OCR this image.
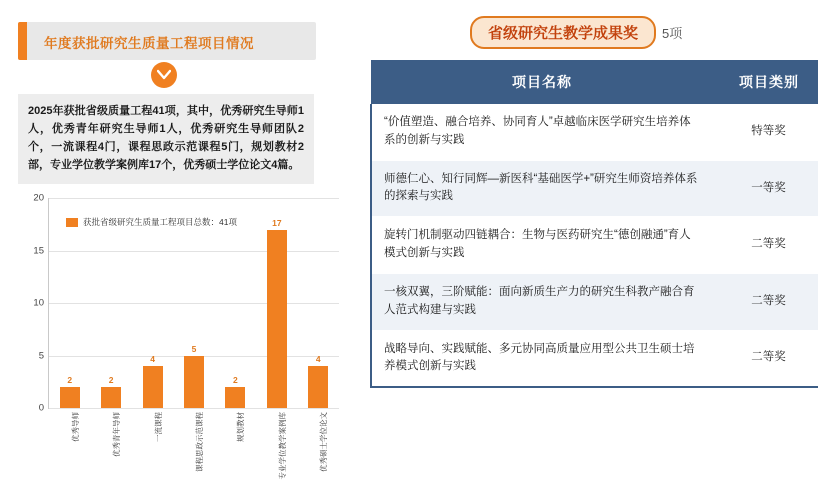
年度获批研究生质量工程项目情况
2025年获批省级质量工程41项，其中，优秀研究生导师1人，优秀青年研究生导师1人，优秀研究生导师团队2个，一流课程4门，课程思政示范课程5门，规划教材2部，专业学位教学案例库17个，优秀硕士学位论文4篇。
0
5
10
15
20
2
优秀导师
2
优秀青年导师
4
一流课程
5
课程思政示范课程
2
规划教材
17
专业学位教学案例库
4
优秀硕士学位论文
获批省级研究生质量工程项目总数：41项
省级研究生教学成果奖	5项
项目名称	项目类别
“价值塑造、融合培养、协同育人”卓越临床医学研究生培养体系的创新与实践	特等奖
师德仁心、知行同辉—新医科“基础医学+”研究生师资培养体系的探索与实践	一等奖
旋转门机制驱动四链耦合：生物与医药研究生“德创融通”育人模式创新与实践	二等奖
一核双翼，三阶赋能：面向新质生产力的研究生科教产融合育人范式构建与实践	二等奖
战略导向、实践赋能、多元协同高质量应用型公共卫生硕士培养模式创新与实践	二等奖
